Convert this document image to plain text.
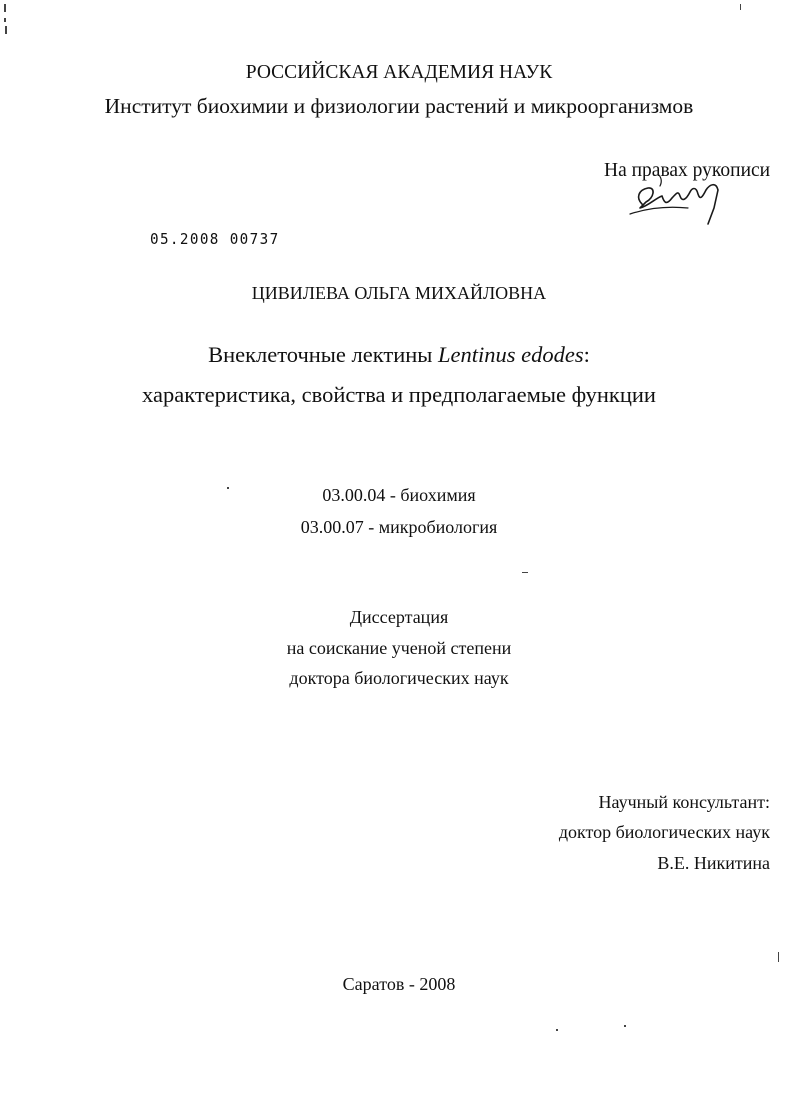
РОССИЙСКАЯ АКАДЕМИЯ НАУК
Институт биохимии и физиологии растений и микроорганизмов
На правах рукописи
05.2008 00737
ЦИВИЛЕВА ОЛЬГА МИХАЙЛОВНА
Внеклеточные лектины Lentinus edodes:
характеристика, свойства и предполагаемые функции
03.00.04 - биохимия
03.00.07 - микробиология
Диссертация
на соискание ученой степени
доктора биологических наук
Научный консультант:
доктор биологических наук
В.Е. Никитина
Саратов - 2008
